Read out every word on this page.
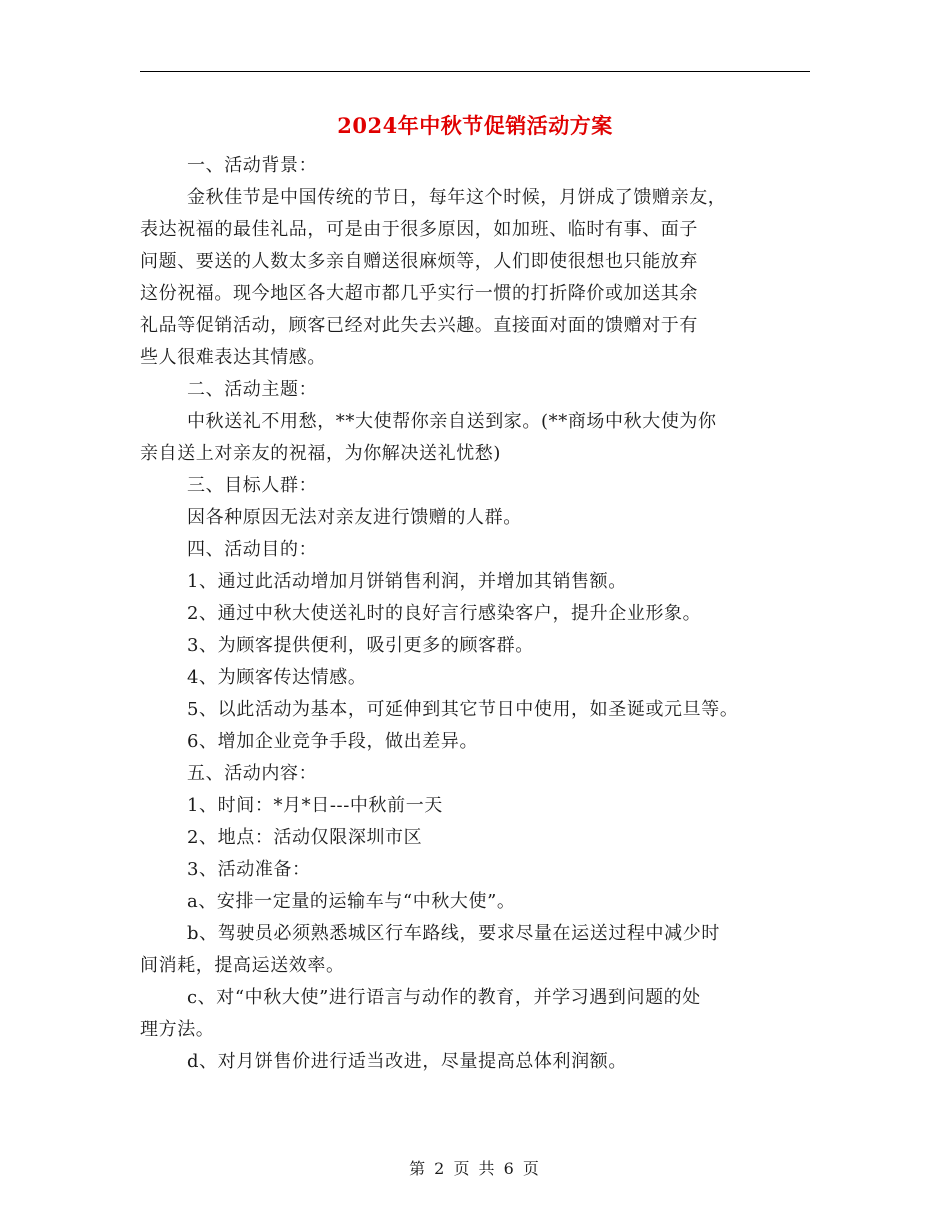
2024年中秋节促销活动方案
一、活动背景：
金秋佳节是中国传统的节日，每年这个时候，月饼成了馈赠亲友，
表达祝福的最佳礼品，可是由于很多原因，如加班、临时有事、面子
问题、要送的人数太多亲自赠送很麻烦等，人们即使很想也只能放弃
这份祝福。现今地区各大超市都几乎实行一惯的打折降价或加送其余
礼品等促销活动，顾客已经对此失去兴趣。直接面对面的馈赠对于有
些人很难表达其情感。
二、活动主题：
中秋送礼不用愁，**大使帮你亲自送到家。(**商场中秋大使为你
亲自送上对亲友的祝福，为你解决送礼忧愁)
三、目标人群：
因各种原因无法对亲友进行馈赠的人群。
四、活动目的：
1、通过此活动增加月饼销售利润，并增加其销售额。
2、通过中秋大使送礼时的良好言行感染客户，提升企业形象。
3、为顾客提供便利，吸引更多的顾客群。
4、为顾客传达情感。
5、以此活动为基本，可延伸到其它节日中使用，如圣诞或元旦等。
6、增加企业竞争手段，做出差异。
五、活动内容：
1、时间：*月*日---中秋前一天
2、地点：活动仅限深圳市区
3、活动准备：
a、安排一定量的运输车与“中秋大使”。
b、驾驶员必须熟悉城区行车路线，要求尽量在运送过程中减少时
间消耗，提高运送效率。
c、对“中秋大使”进行语言与动作的教育，并学习遇到问题的处
理方法。
d、对月饼售价进行适当改进，尽量提高总体利润额。
第 2 页 共 6 页
